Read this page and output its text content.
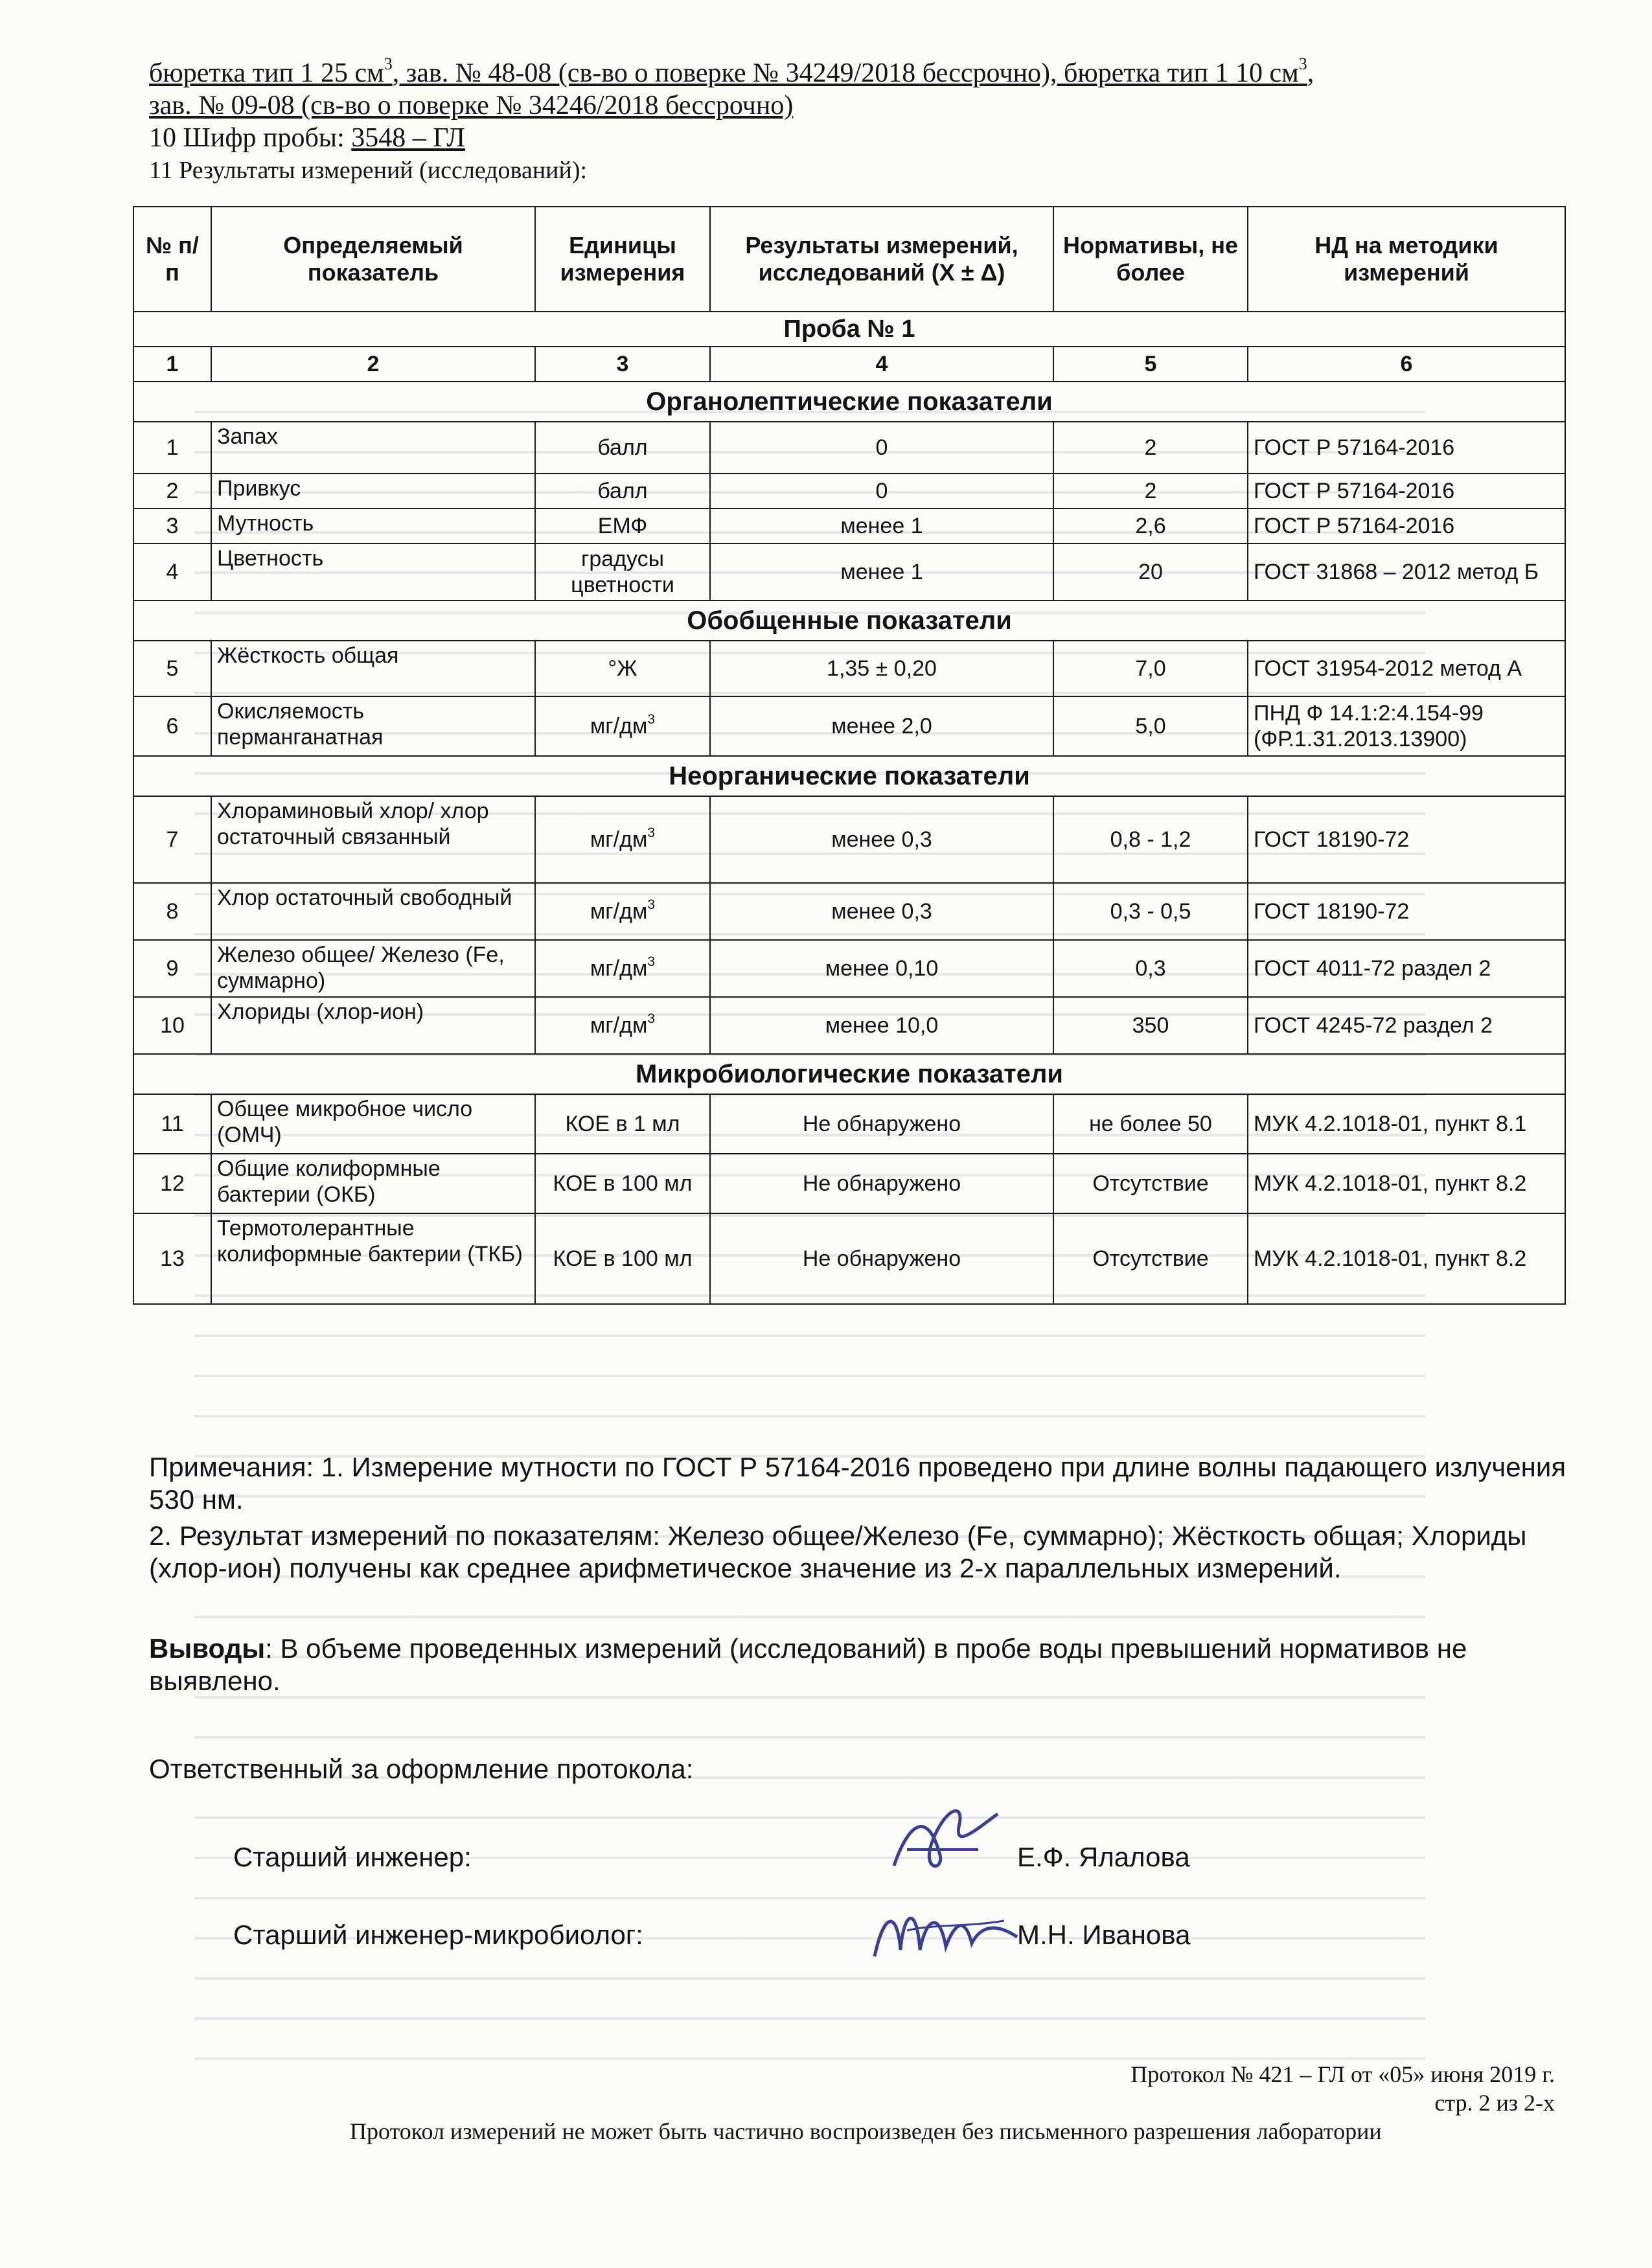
бюретка тип 1 25 $см^3$, зав. № 48-08 (св-во о поверке № 34249/2018 бессрочно), бюретка тип 1 10 $см^3$,
зав. № 09-08 (св-во о поверке № 34246/2018 бессрочно)
10 Шифр пробы: 3548 – ГЛ
11 Результаты измерений (исследований):
№ п/п	Определяемый показатель	Единицы измерения	Результаты измерений, исследований (Х ± Δ)	Нормативы, не более	НД на методики измерений
Проба № 1					
1	2	3	4	5	6
Органолептические показатели					
1	Запах	балл	0	2	ГОСТ Р 57164-2016
2	Привкус	балл	0	2	ГОСТ Р 57164-2016
3	Мутность	ЕМФ	менее 1	2,6	ГОСТ Р 57164-2016
4	Цветность	градусы цветности	менее 1	20	ГОСТ 31868 – 2012 метод Б
Обобщенные показатели					
5	Жёсткость общая	°Ж	1,35 ± 0,20	7,0	ГОСТ 31954-2012 метод А
6	Окисляемость перманганатная	$мг/дм^3$	менее 2,0	5,0	ПНД Ф 14.1:2:4.154-99 (ФР.1.31.2013.13900)
Неорганические показатели					
7	Хлораминовый хлор/ хлор остаточный связанный	$мг/дм^3$	менее 0,3	0,8 - 1,2	ГОСТ 18190-72
8	Хлор остаточный свободный	$мг/дм^3$	менее 0,3	0,3 - 0,5	ГОСТ 18190-72
9	Железо общее/ Железо (Fe, суммарно)	$мг/дм^3$	менее 0,10	0,3	ГОСТ 4011-72 раздел 2
10	Хлориды (хлор-ион)	$мг/дм^3$	менее 10,0	350	ГОСТ 4245-72 раздел 2
Микробиологические показатели					
11	Общее микробное число (ОМЧ)	КОЕ в 1 мл	Не обнаружено	не более 50	МУК 4.2.1018-01, пункт 8.1
12	Общие колиформные бактерии (ОКБ)	КОЕ в 100 мл	Не обнаружено	Отсутствие	МУК 4.2.1018-01, пункт 8.2
13	Термотолерантные колиформные бактерии (ТКБ)	КОЕ в 100 мл	Не обнаружено	Отсутствие	МУК 4.2.1018-01, пункт 8.2
Примечания: 1. Измерение мутности по ГОСТ Р 57164-2016 проведено при длине волны падающего излучения 530 нм.
2. Результат измерений по показателям: Железо общее/Железо (Fe, суммарно); Жёсткость общая; Хлориды (хлор-ион) получены как среднее арифметическое значение из 2-х параллельных измерений.
Выводы: В объеме проведенных измерений (исследований) в пробе воды превышений нормативов не выявлено.
Ответственный за оформление протокола:
Старший инженер:	Е.Ф. Ялалова
Старший инженер-микробиолог:	М.Н. Иванова
Протокол № 421 – ГЛ от «05» июня 2019 г.
стр. 2 из 2-х
Протокол измерений не может быть частично воспроизведен без письменного разрешения лаборатории
